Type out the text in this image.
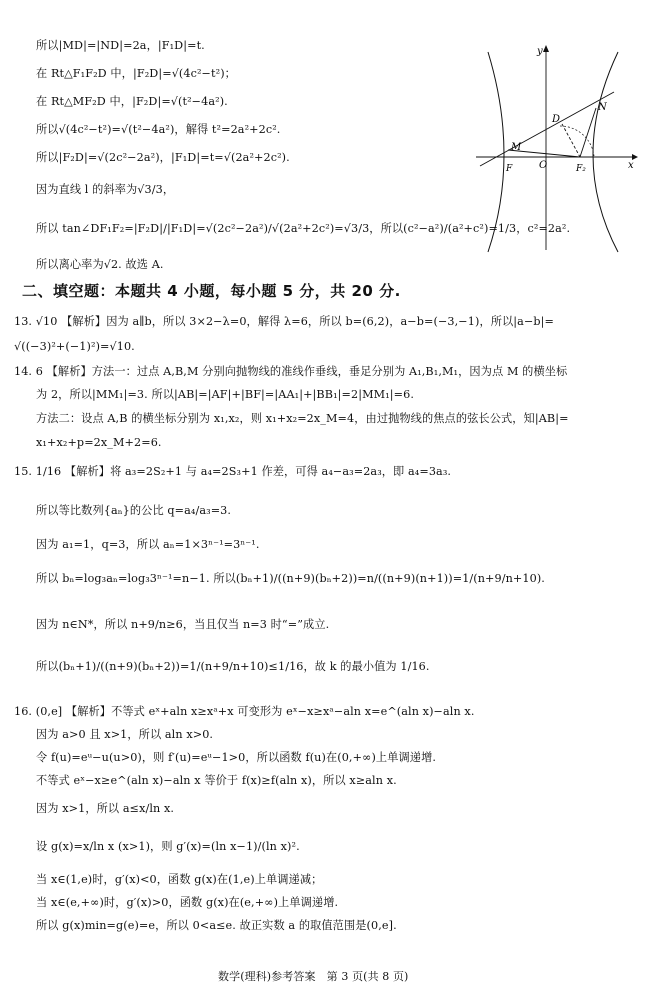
所以|MD|=|ND|=2a，|F₁D|=t.
在 Rt△F₁F₂D 中，|F₂D|=√(4c²−t²)；
在 Rt△MF₂D 中，|F₂D|=√(t²−4a²).
所以√(4c²−t²)=√(t²−4a²)，解得 t²=2a²+2c².
所以|F₂D|=√(2c²−2a²)，|F₁D|=t=√(2a²+2c²).
因为直线 l 的斜率为√3/3，
所以 tan∠DF₁F₂=|F₂D|/|F₁D|=√(2c²−2a²)/√(2a²+2c²)=√3/3，所以(c²−a²)/(a²+c²)=1/3，c²=2a².
所以离心率为√2. 故选 A.
y
x
D
N
M
F	O	F₂
二、填空题：本题共 4 小题，每小题 5 分，共 20 分.
13. √10 【解析】因为 a∥b，所以 3×2−λ=0，解得 λ=6，所以 b=(6,2)，a−b=(−3,−1)，所以|a−b|=
√((−3)²+(−1)²)=√10.
14. 6 【解析】方法一：过点 A,B,M 分别向抛物线的准线作垂线，垂足分别为 A₁,B₁,M₁，因为点 M 的横坐标
为 2，所以|MM₁|=3. 所以|AB|=|AF|+|BF|=|AA₁|+|BB₁|=2|MM₁|=6.
方法二：设点 A,B 的横坐标分别为 x₁,x₂，则 x₁+x₂=2x_M=4，由过抛物线的焦点的弦长公式，知|AB|=
x₁+x₂+p=2x_M+2=6.
15. 1/16 【解析】将 a₃=2S₂+1 与 a₄=2S₃+1 作差，可得 a₄−a₃=2a₃，即 a₄=3a₃.
所以等比数列{aₙ}的公比 q=a₄/a₃=3.
因为 a₁=1，q=3，所以 aₙ=1×3ⁿ⁻¹=3ⁿ⁻¹.
所以 bₙ=log₃aₙ=log₃3ⁿ⁻¹=n−1. 所以(bₙ+1)/((n+9)(bₙ+2))=n/((n+9)(n+1))=1/(n+9/n+10).
因为 n∈N*，所以 n+9/n≥6，当且仅当 n=3 时“=”成立.
所以(bₙ+1)/((n+9)(bₙ+2))=1/(n+9/n+10)≤1/16，故 k 的最小值为 1/16.
16. (0,e] 【解析】不等式 eˣ+aln x≥xᵃ+x 可变形为 eˣ−x≥xᵃ−aln x=e^(aln x)−aln x.
因为 a>0 且 x>1，所以 aln x>0.
令 f(u)=eᵘ−u(u>0)，则 f′(u)=eᵘ−1>0，所以函数 f(u)在(0,+∞)上单调递增.
不等式 eˣ−x≥e^(aln x)−aln x 等价于 f(x)≥f(aln x)，所以 x≥aln x.
因为 x>1，所以 a≤x/ln x.
设 g(x)=x/ln x (x>1)，则 g′(x)=(ln x−1)/(ln x)².
当 x∈(1,e)时，g′(x)<0，函数 g(x)在(1,e)上单调递减；
当 x∈(e,+∞)时，g′(x)>0，函数 g(x)在(e,+∞)上单调递增.
所以 g(x)min=g(e)=e，所以 0<a≤e. 故正实数 a 的取值范围是(0,e].
数学(理科)参考答案　第 3 页(共 8 页)
